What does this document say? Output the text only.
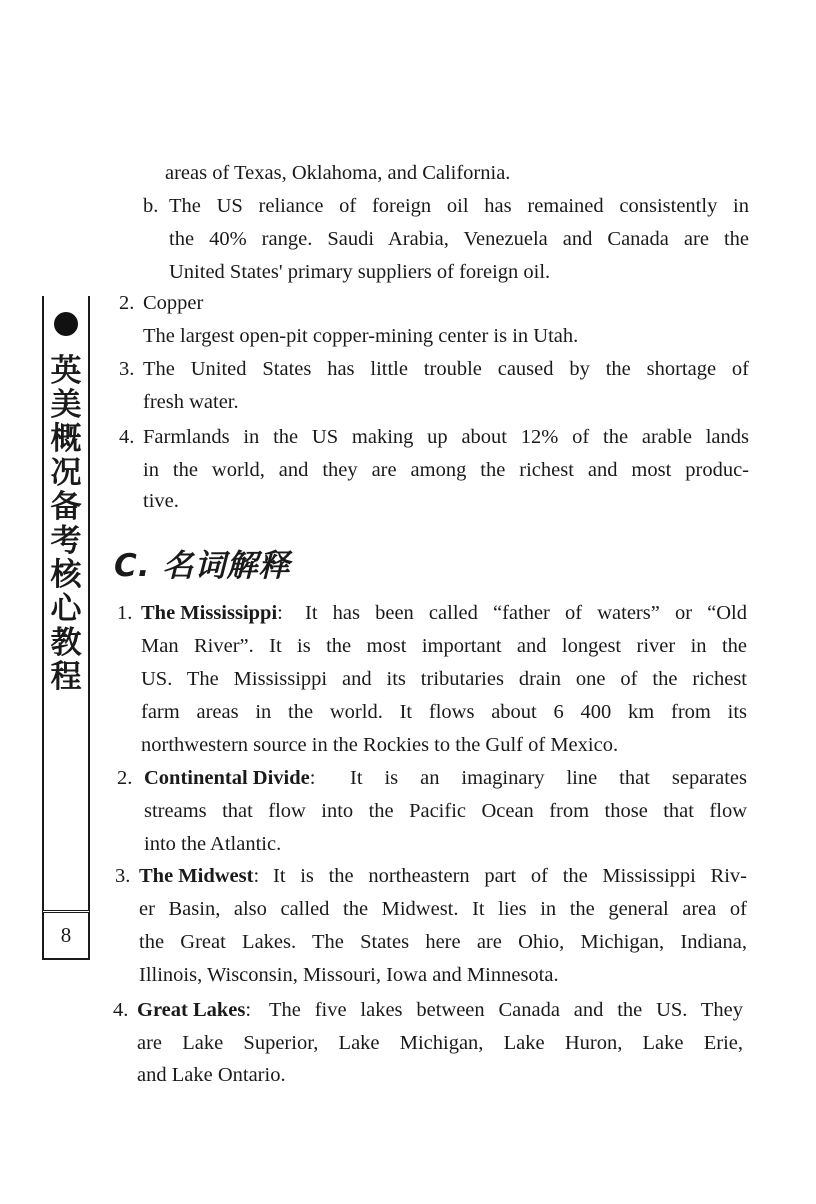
英
美
概
况
备
考
核
心
教
程
8
areas of Texas, Oklahoma, and California.
b. The US reliance of foreign oil has remained consistently in
the 40% range. Saudi Arabia, Venezuela and Canada are the
United States' primary suppliers of foreign oil.
2. Copper
The largest open-pit copper-mining center is in Utah.
3. The United States has little trouble caused by the shortage of
fresh water.
4. Farmlands in the US making up about 12% of the arable lands
in the world, and they are among the richest and most produc-
tive.
C. 名词解释
1. The Mississippi: It has been called “father of waters” or “Old
Man River”. It is the most important and longest river in the
US. The Mississippi and its tributaries drain one of the richest
farm areas in the world. It flows about 6 400 km from its
northwestern source in the Rockies to the Gulf of Mexico.
2. Continental Divide: It is an imaginary line that separates
streams that flow into the Pacific Ocean from those that flow
into the Atlantic.
3. The Midwest: It is the northeastern part of the Mississippi Riv-
er Basin, also called the Midwest. It lies in the general area of
the Great Lakes. The States here are Ohio, Michigan, Indiana,
Illinois, Wisconsin, Missouri, Iowa and Minnesota.
4. Great Lakes: The five lakes between Canada and the US. They
are Lake Superior, Lake Michigan, Lake Huron, Lake Erie,
and Lake Ontario.
